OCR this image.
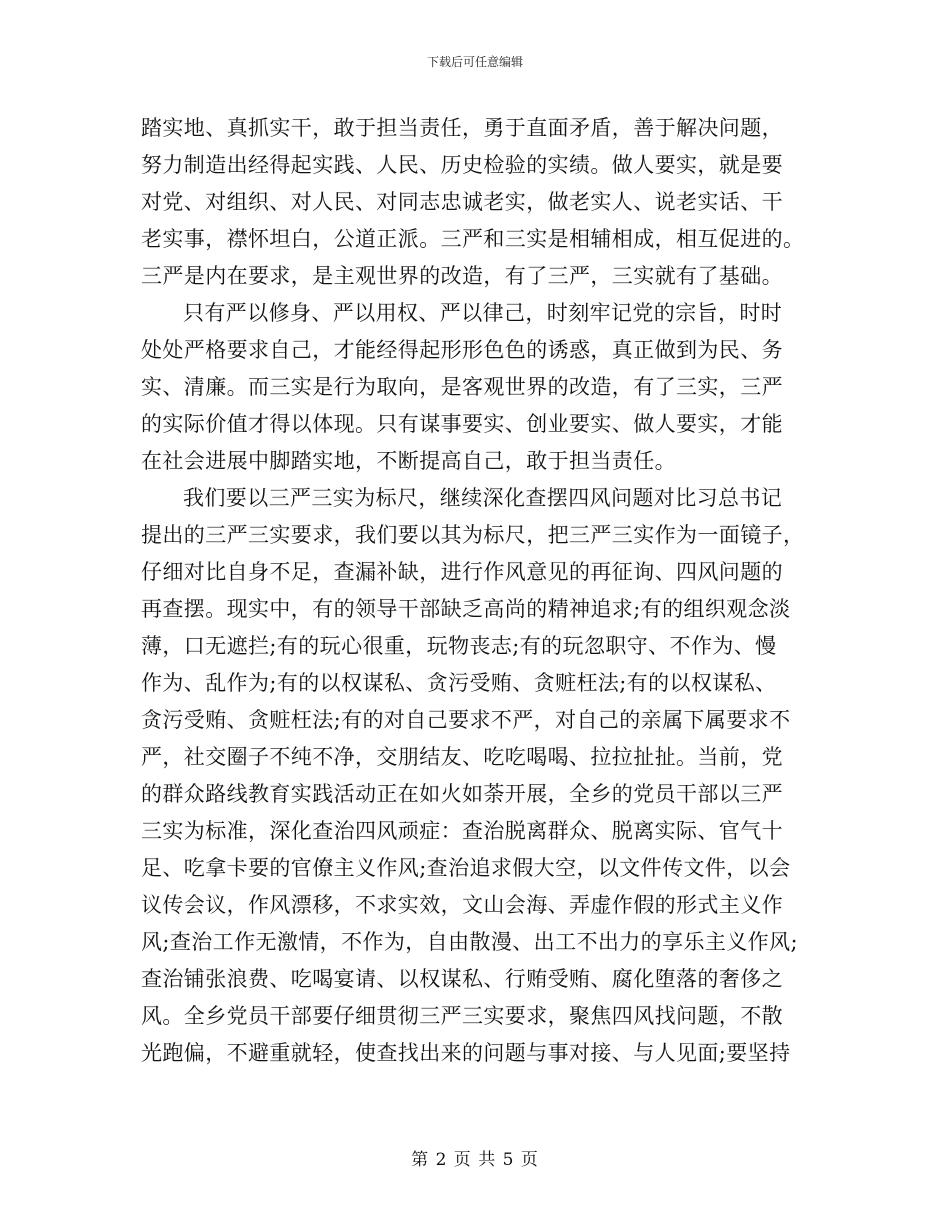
下载后可任意编辑
踏实地、真抓实干，敢于担当责任，勇于直面矛盾，善于解决问题，
努力制造出经得起实践、人民、历史检验的实绩。做人要实，就是要
对党、对组织、对人民、对同志忠诚老实，做老实人、说老实话、干
老实事，襟怀坦白，公道正派。三严和三实是相辅相成，相互促进的。
三严是内在要求，是主观世界的改造，有了三严，三实就有了基础。
只有严以修身、严以用权、严以律己，时刻牢记党的宗旨，时时
处处严格要求自己，才能经得起形形色色的诱惑，真正做到为民、务
实、清廉。而三实是行为取向，是客观世界的改造，有了三实，三严
的实际价值才得以体现。只有谋事要实、创业要实、做人要实，才能
在社会进展中脚踏实地，不断提高自己，敢于担当责任。
我们要以三严三实为标尺，继续深化查摆四风问题对比习总书记
提出的三严三实要求，我们要以其为标尺，把三严三实作为一面镜子，
仔细对比自身不足，查漏补缺，进行作风意见的再征询、四风问题的
再查摆。现实中，有的领导干部缺乏高尚的精神追求;有的组织观念淡
薄，口无遮拦;有的玩心很重，玩物丧志;有的玩忽职守、不作为、慢
作为、乱作为;有的以权谋私、贪污受贿、贪赃枉法;有的以权谋私、
贪污受贿、贪赃枉法;有的对自己要求不严，对自己的亲属下属要求不
严，社交圈子不纯不净，交朋结友、吃吃喝喝、拉拉扯扯。当前，党
的群众路线教育实践活动正在如火如荼开展，全乡的党员干部以三严
三实为标准，深化查治四风顽症：查治脱离群众、脱离实际、官气十
足、吃拿卡要的官僚主义作风;查治追求假大空，以文件传文件，以会
议传会议，作风漂移，不求实效，文山会海、弄虚作假的形式主义作
风;查治工作无激情，不作为，自由散漫、出工不出力的享乐主义作风;
查治铺张浪费、吃喝宴请、以权谋私、行贿受贿、腐化堕落的奢侈之
风。全乡党员干部要仔细贯彻三严三实要求，聚焦四风找问题，不散
光跑偏，不避重就轻，使查找出来的问题与事对接、与人见面;要坚持
第 2 页 共 5 页
